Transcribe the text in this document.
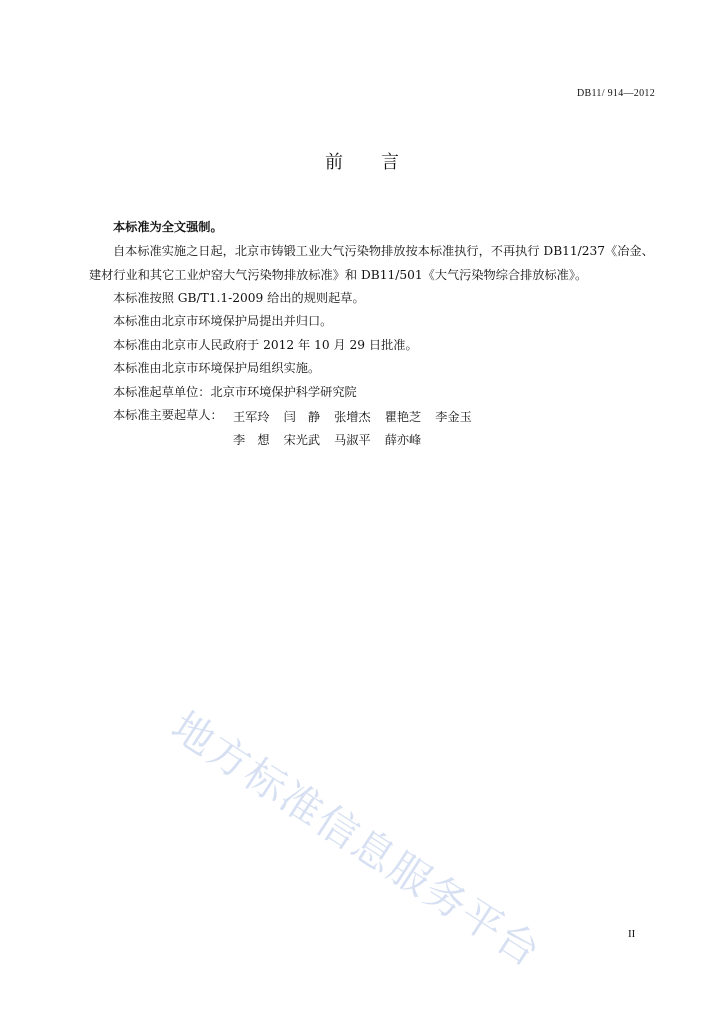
DB11/ 914—2012
前 言
本标准为全文强制。
自本标准实施之日起，北京市铸锻工业大气污染物排放按本标准执行，不再执行 DB11/237《冶金、建材行业和其它工业炉窑大气污染物排放标准》和 DB11/501《大气污染物综合排放标准》。
本标准按照 GB/T1.1-2009 给出的规则起草。
本标准由北京市环境保护局提出并归口。
本标准由北京市人民政府于 2012 年 10 月 29 日批准。
本标准由北京市环境保护局组织实施。
本标准起草单位：北京市环境保护科学研究院
本标准主要起草人： 王军玲 闫　静 张增杰 瞿艳芝 李金玉
李　想 宋光武 马淑平 薛亦峰
地方标准信息服务平台	II
